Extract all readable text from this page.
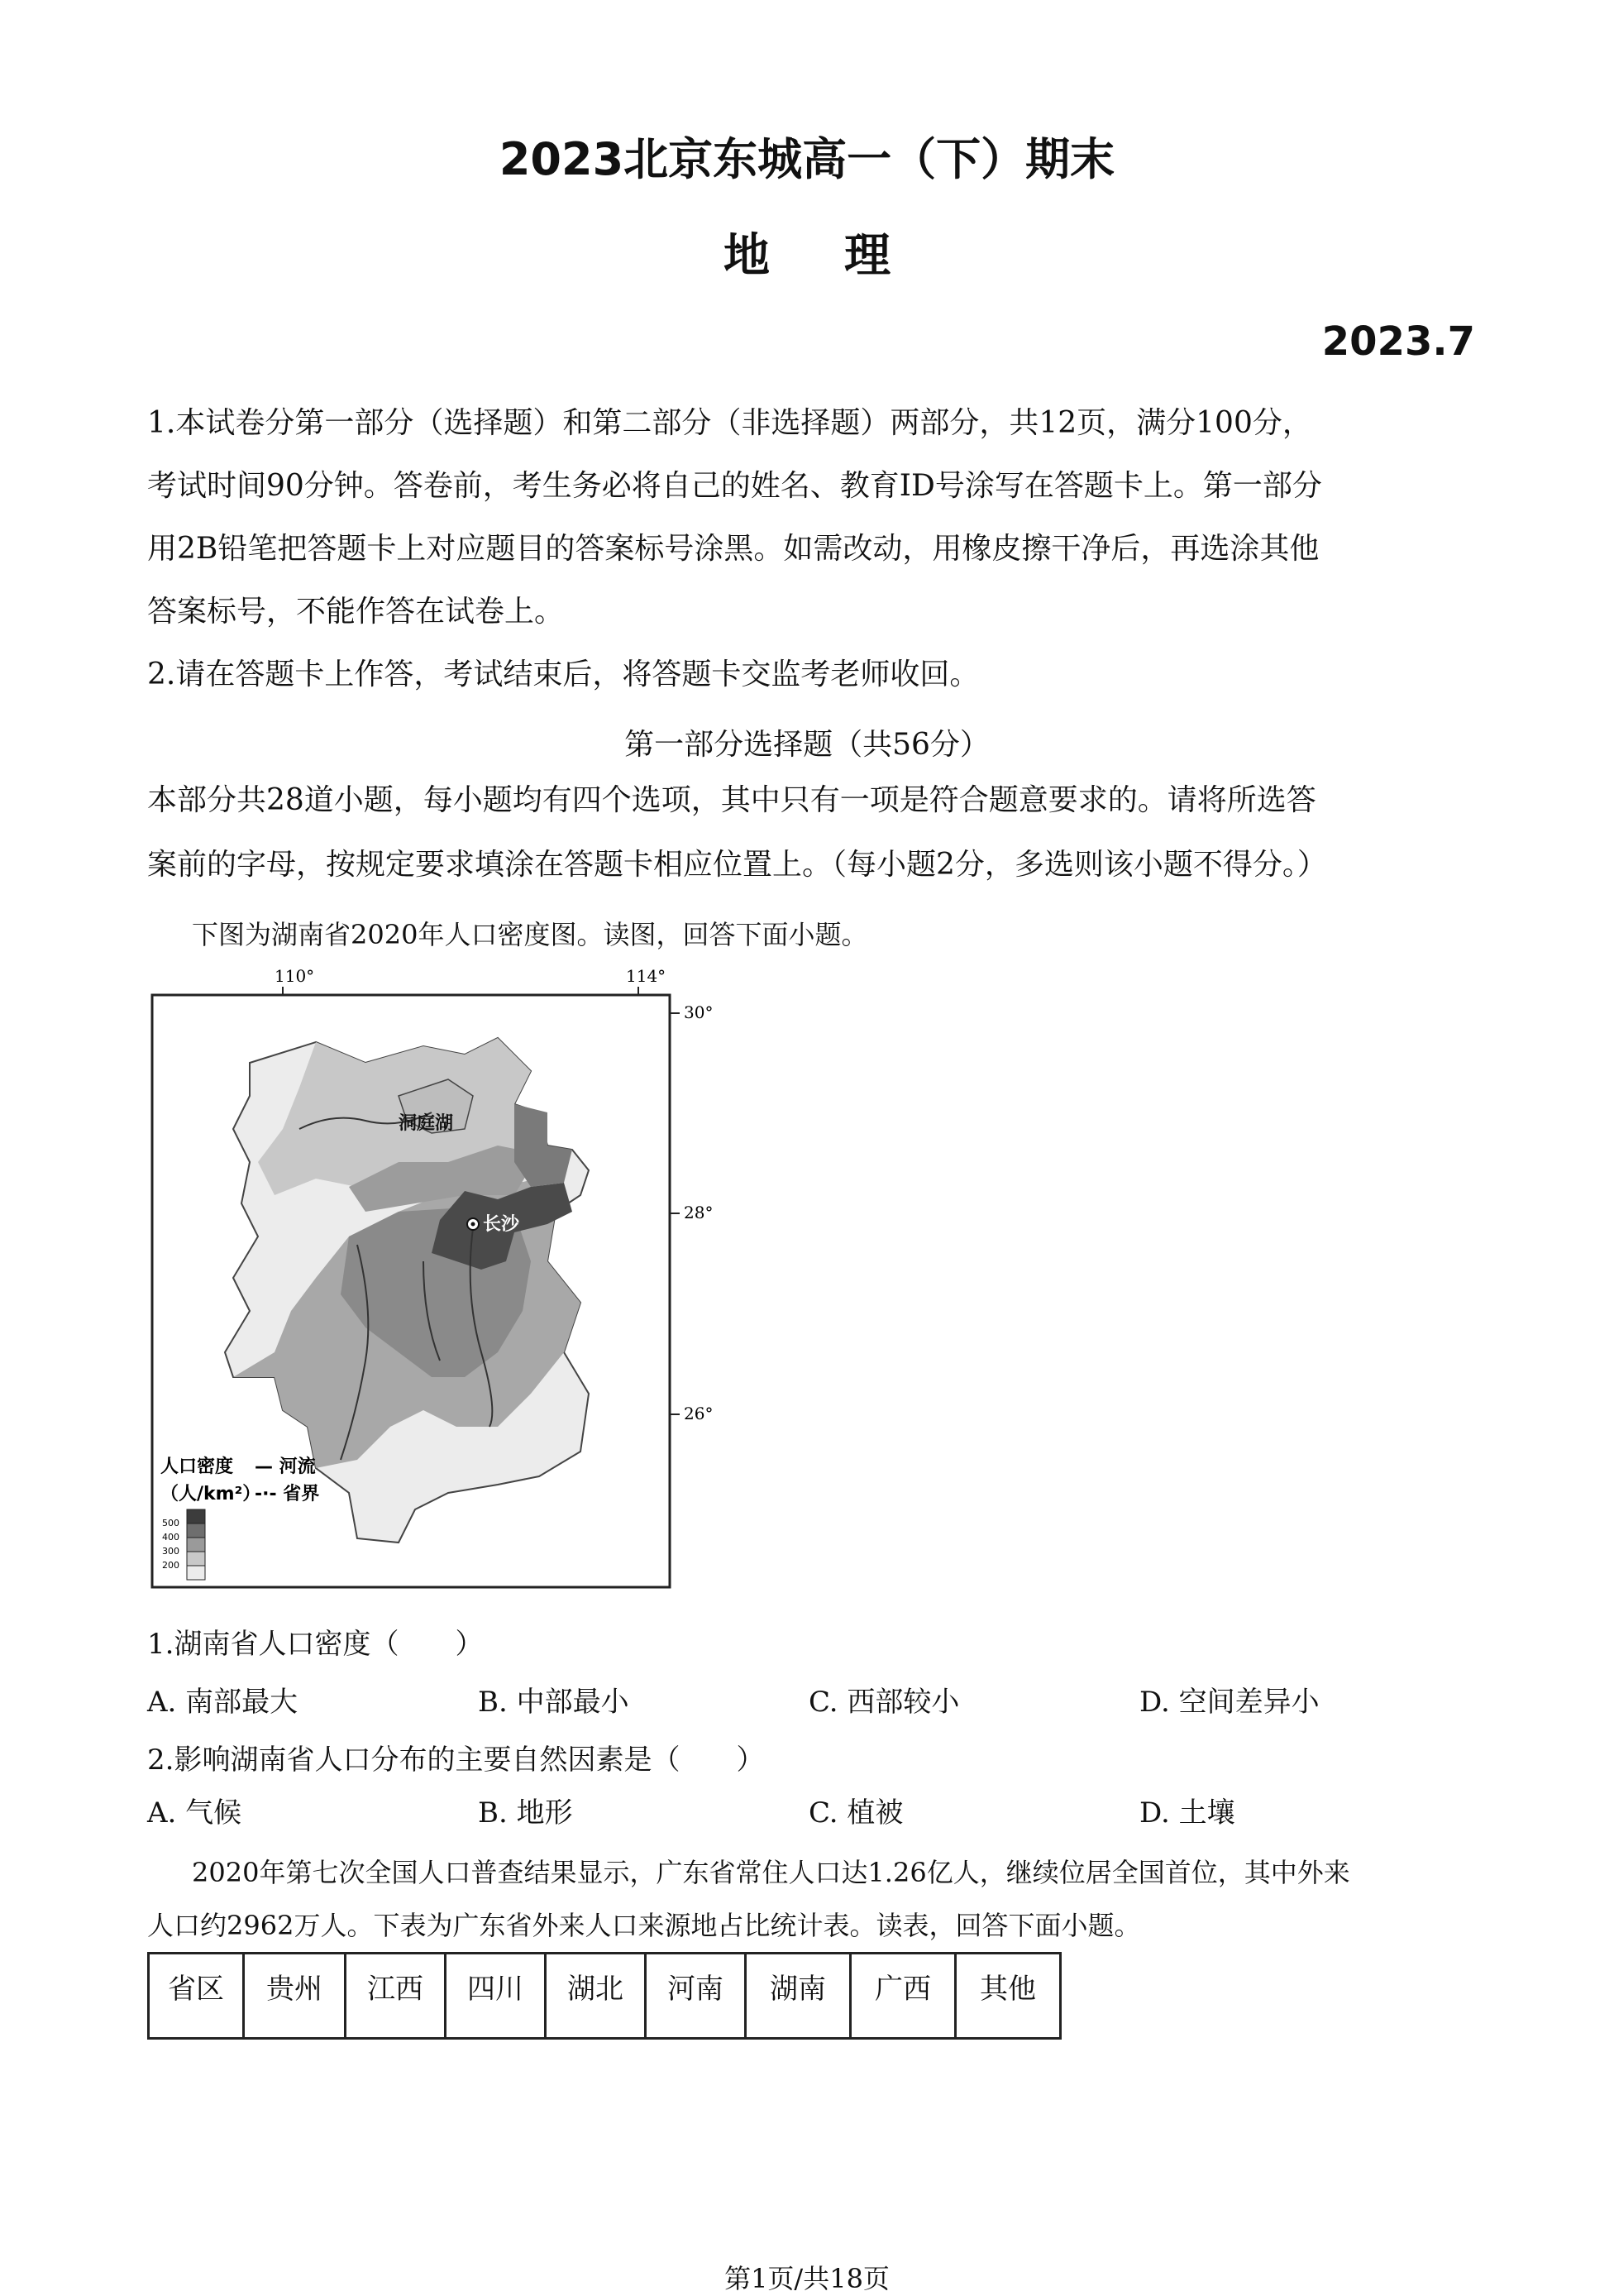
2023北京东城高一（下）期末
地理
2023.7
1.本试卷分第一部分（选择题）和第二部分（非选择题）两部分，共12页，满分100分，
考试时间90分钟。答卷前，考生务必将自己的姓名、教育ID号涂写在答题卡上。第一部分
用2B铅笔把答题卡上对应题目的答案标号涂黑。如需改动，用橡皮擦干净后，再选涂其他
答案标号，不能作答在试卷上。
2.请在答题卡上作答，考试结束后，将答题卡交监考老师收回。
第一部分选择题（共56分）
本部分共28道小题，每小题均有四个选项，其中只有一项是符合题意要求的。请将所选答
案前的字母，按规定要求填涂在答题卡相应位置上。（每小题2分，多选则该小题不得分。）
下图为湖南省2020年人口密度图。读图，回答下面小题。
110°	114°
30°
28°
26°
长沙
洞庭湖
人口密度
（人/km²）
— 河流
-·- 省界
500
400
300
200
1.湖南省人口密度（　　）
A. 南部最大	B. 中部最小	C. 西部较小	D. 空间差异小
2.影响湖南省人口分布的主要自然因素是（　　）
A. 气候	B. 地形	C. 植被	D. 土壤
2020年第七次全国人口普查结果显示，广东省常住人口达1.26亿人，继续位居全国首位，其中外来
人口约2962万人。下表为广东省外来人口来源地占比统计表。读表，回答下面小题。
省区	贵州	江西	四川	湖北	河南	湖南	广西	其他
第1页/共18页
